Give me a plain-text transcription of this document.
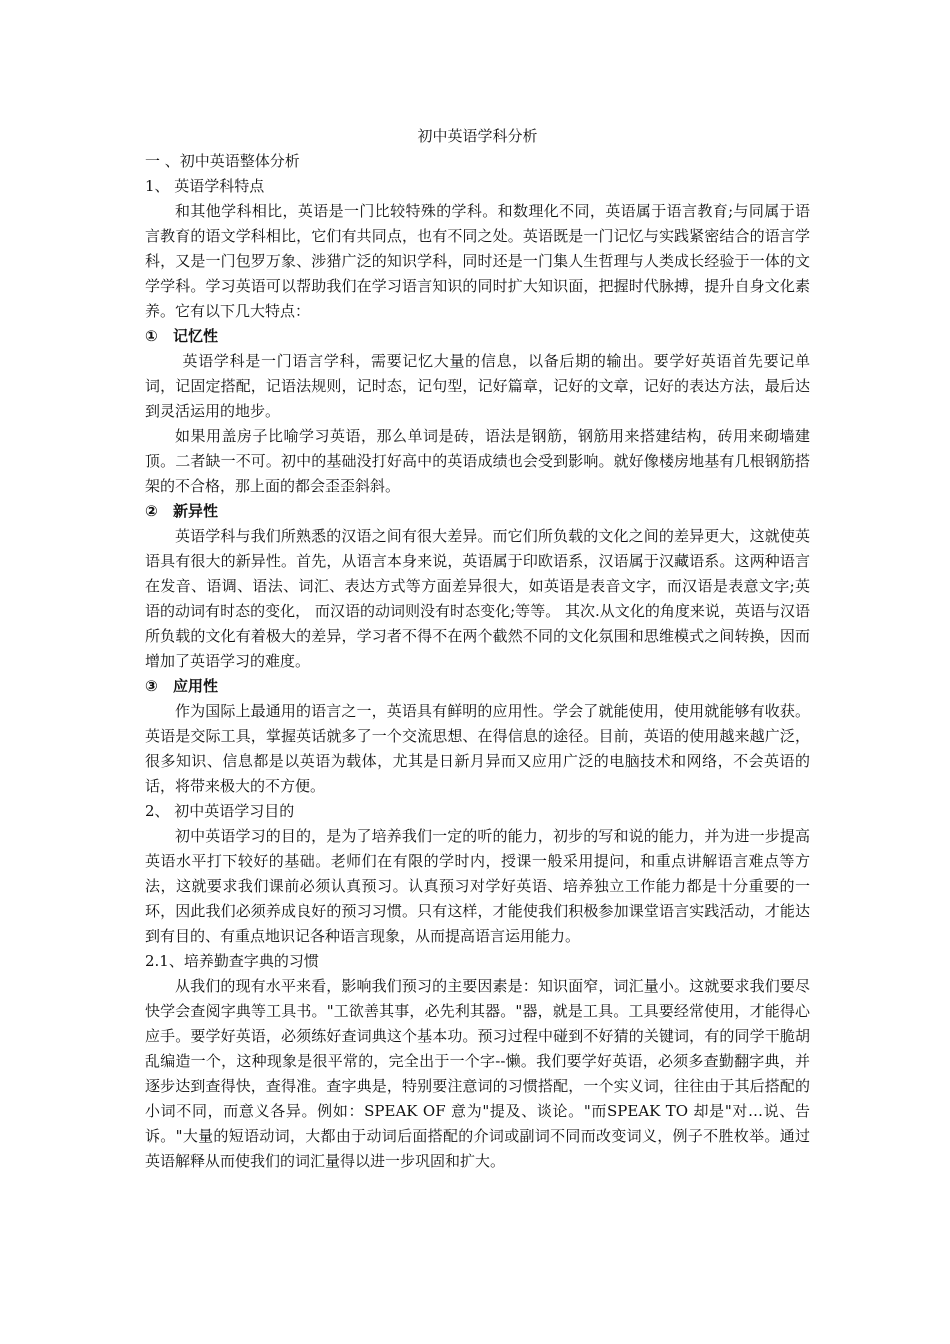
初中英语学科分析
一 、初中英语整体分析
1、 英语学科特点

和其他学科相比，英语是一门比较特殊的学科。和数理化不同，英语属于语言教育;与同属于语言教育的语文学科相比，它们有共同点，也有不同之处。英语既是一门记忆与实践紧密结合的语言学科，又是一门包罗万象、涉猎广泛的知识学科，同时还是一门集人生哲理与人类成长经验于一体的文学学科。学习英语可以帮助我们在学习语言知识的同时扩大知识面，把握时代脉搏，提升自身文化素养。它有以下几大特点：

① 记忆性

英语学科是一门语言学科，需要记忆大量的信息，以备后期的输出。要学好英语首先要记单词，记固定搭配，记语法规则，记时态，记句型，记好篇章，记好的文章，记好的表达方法，最后达到灵活运用的地步。

如果用盖房子比喻学习英语，那么单词是砖，语法是钢筋，钢筋用来搭建结构，砖用来砌墙建顶。二者缺一不可。初中的基础没打好高中的英语成绩也会受到影响。就好像楼房地基有几根钢筋搭架的不合格，那上面的都会歪歪斜斜。

② 新异性

英语学科与我们所熟悉的汉语之间有很大差异。而它们所负载的文化之间的差异更大，这就使英语具有很大的新异性。首先，从语言本身来说，英语属于印欧语系，汉语属于汉藏语系。这两种语言在发音、语调、语法、词汇、表达方式等方面差异很大，如英语是表音文字，而汉语是表意文字;英语的动词有时态的变化， 而汉语的动词则没有时态变化;等等。 其次.从文化的角度来说，英语与汉语所负载的文化有着极大的差异，学习者不得不在两个截然不同的文化氛围和思维模式之间转换，因而增加了英语学习的难度。

③ 应用性

作为国际上最通用的语言之一，英语具有鲜明的应用性。学会了就能使用，使用就能够有收获。英语是交际工具，掌握英话就多了一个交流思想、在得信息的途径。目前，英语的使用越来越广泛，很多知识、信息都是以英语为载体，尤其是日新月异而又应用广泛的电脑技术和网络，不会英语的话，将带来极大的不方便。

2、 初中英语学习目的

初中英语学习的目的，是为了培养我们一定的听的能力，初步的写和说的能力，并为进一步提高英语水平打下较好的基础。老师们在有限的学时内，授课一般采用提问，和重点讲解语言难点等方法，这就要求我们课前必须认真预习。认真预习对学好英语、培养独立工作能力都是十分重要的一环，因此我们必须养成良好的预习习惯。只有这样，才能使我们积极参加课堂语言实践活动，才能达到有目的、有重点地识记各种语言现象，从而提高语言运用能力。

2.1、培养勤查字典的习惯

从我们的现有水平来看，影响我们预习的主要因素是：知识面窄，词汇量小。这就要求我们要尽快学会查阅字典等工具书。"工欲善其事，必先利其器。"器，就是工具。工具要经常使用，才能得心应手。要学好英语，必须练好查词典这个基本功。预习过程中碰到不好猜的关键词，有的同学干脆胡乱编造一个，这种现象是很平常的，完全出于一个字--懒。我们要学好英语，必须多查勤翻字典，并逐步达到查得快，查得准。查字典是，特别要注意词的习惯搭配，一个实义词，往往由于其后搭配的小词不同，而意义各异。例如：SPEAK OF 意为"提及、谈论。"而SPEAK TO 却是"对…说、告诉。"大量的短语动词，大都由于动词后面搭配的介词或副词不同而改变词义，例子不胜枚举。通过英语解释从而使我们的词汇量得以进一步巩固和扩大。
